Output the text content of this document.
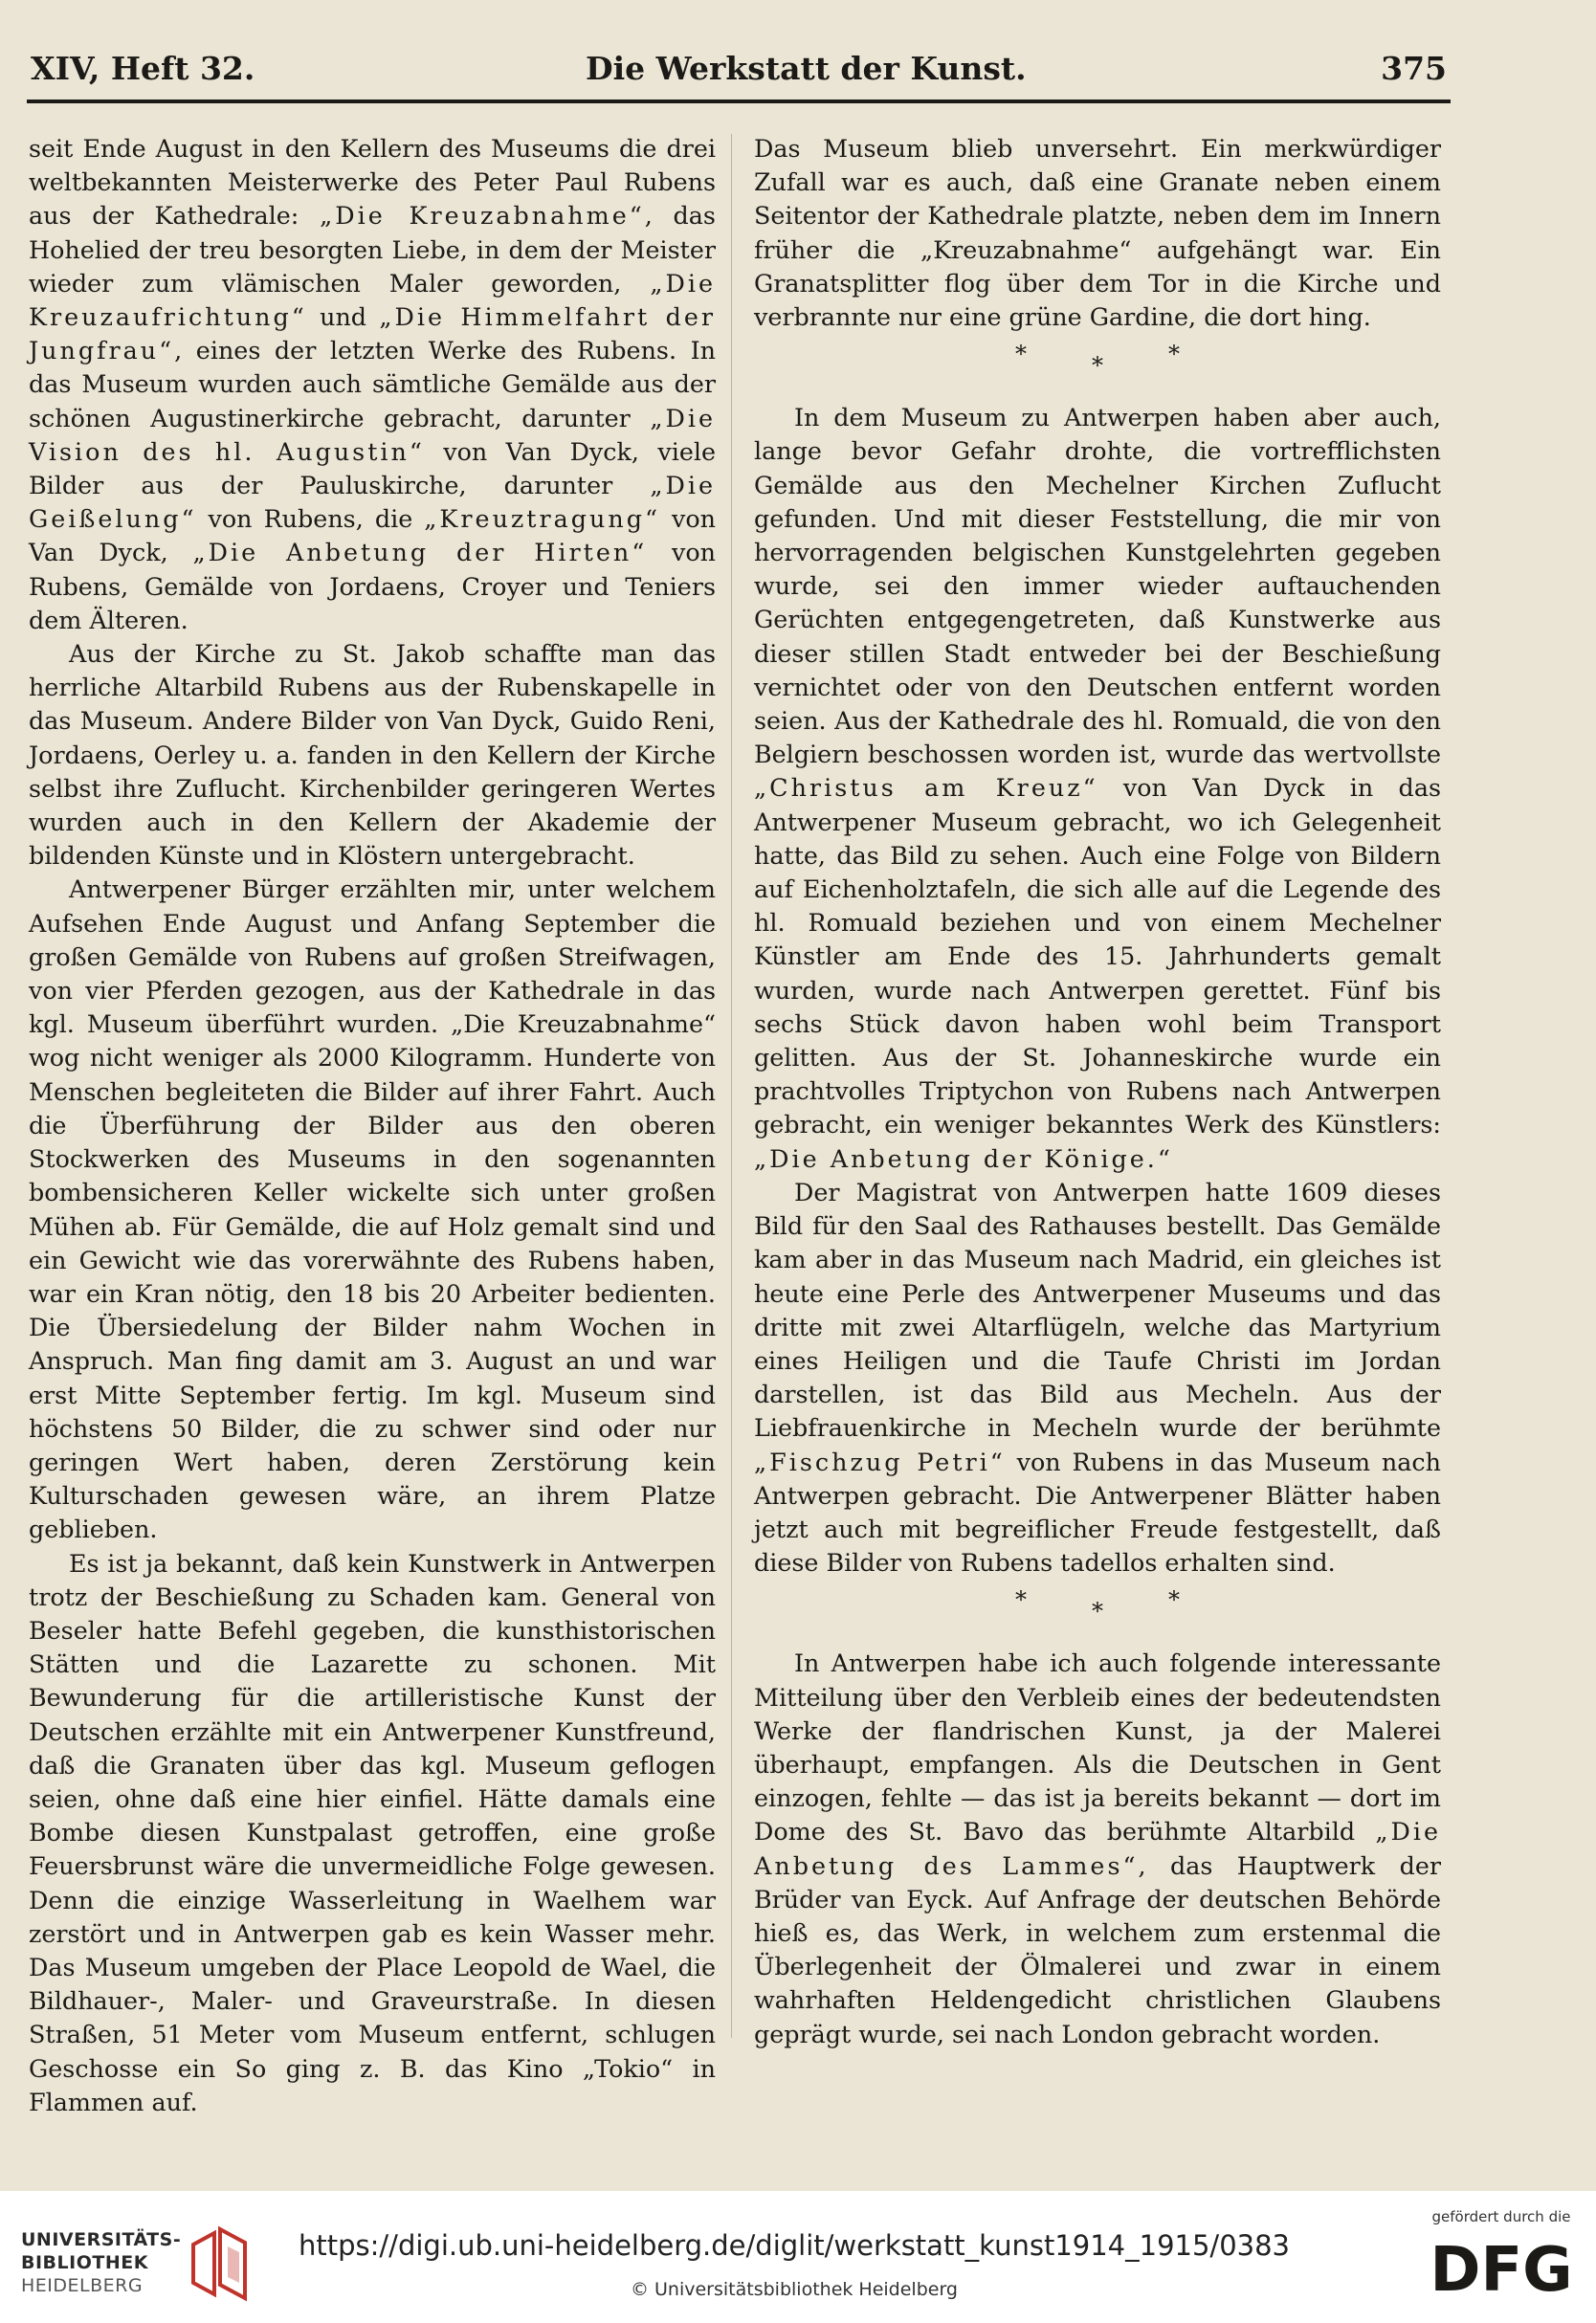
XIV, Heft 32.	Die Werkstatt der Kunst.	375

seit Ende August in den Kellern des Museums die drei weltbekannten Meisterwerke des Peter Paul Rubens aus der Kathedrale: „Die Kreuzabnahme“, das Hohelied der treu besorgten Liebe, in dem der Meister wieder zum vlämischen Maler geworden, „Die Kreuzaufrichtung“ und „Die Himmelfahrt der Jungfrau“, eines der letzten Werke des Rubens. In das Museum wurden auch sämtliche Gemälde aus der schönen Augustinerkirche gebracht, darunter „Die Vision des hl. Augustin“ von Van Dyck, viele Bilder aus der Pauluskirche, darunter „Die Geißelung“ von Rubens, die „Kreuztragung“ von Van Dyck, „Die Anbetung der Hirten“ von Rubens, Gemälde von Jordaens, Croyer und Teniers dem Älteren.

Aus der Kirche zu St. Jakob schaffte man das herrliche Altarbild Rubens aus der Rubenskapelle in das Museum. Andere Bilder von Van Dyck, Guido Reni, Jordaens, Oerley u. a. fanden in den Kellern der Kirche selbst ihre Zuflucht. Kirchenbilder geringeren Wertes wurden auch in den Kellern der Akademie der bildenden Künste und in Klöstern untergebracht.

Antwerpener Bürger erzählten mir, unter welchem Aufsehen Ende August und Anfang September die großen Gemälde von Rubens auf großen Streifwagen, von vier Pferden gezogen, aus der Kathedrale in das kgl. Museum überführt wurden. „Die Kreuzabnahme“ wog nicht weniger als 2000 Kilogramm. Hunderte von Menschen begleiteten die Bilder auf ihrer Fahrt. Auch die Überführung der Bilder aus den oberen Stockwerken des Museums in den sogenannten bombensicheren Keller wickelte sich unter großen Mühen ab. Für Gemälde, die auf Holz gemalt sind und ein Gewicht wie das vorerwähnte des Rubens haben, war ein Kran nötig, den 18 bis 20 Arbeiter bedienten. Die Übersiedelung der Bilder nahm Wochen in Anspruch. Man fing damit am 3. August an und war erst Mitte September fertig. Im kgl. Museum sind höchstens 50 Bilder, die zu schwer sind oder nur geringen Wert haben, deren Zerstörung kein Kulturschaden gewesen wäre, an ihrem Platze geblieben.

Es ist ja bekannt, daß kein Kunstwerk in Antwerpen trotz der Beschießung zu Schaden kam. General von Beseler hatte Befehl gegeben, die kunsthistorischen Stätten und die Lazarette zu schonen. Mit Bewunderung für die artilleristische Kunst der Deutschen erzählte mit ein Antwerpener Kunstfreund, daß die Granaten über das kgl. Museum geflogen seien, ohne daß eine hier einfiel. Hätte damals eine Bombe diesen Kunstpalast getroffen, eine große Feuersbrunst wäre die unvermeidliche Folge gewesen. Denn die einzige Wasserleitung in Waelhem war zerstört und in Antwerpen gab es kein Wasser mehr. Das Museum umgeben der Place Leopold de Wael, die Bildhauer-, Maler- und Graveurstraße. In diesen Straßen, 51 Meter vom Museum entfernt, schlugen Geschosse ein So ging z. B. das Kino „Tokio“ in Flammen auf.

Das Museum blieb unversehrt. Ein merkwürdiger Zufall war es auch, daß eine Granate neben einem Seitentor der Kathedrale platzte, neben dem im Innern früher die „Kreuzabnahme“ aufgehängt war. Ein Granatsplitter flog über dem Tor in die Kirche und verbrannte nur eine grüne Gardine, die dort hing.

*	*	*

In dem Museum zu Antwerpen haben aber auch, lange bevor Gefahr drohte, die vortrefflichsten Gemälde aus den Mechelner Kirchen Zuflucht gefunden. Und mit dieser Feststellung, die mir von hervorragenden belgischen Kunstgelehrten gegeben wurde, sei den immer wieder auftauchenden Gerüchten entgegengetreten, daß Kunstwerke aus dieser stillen Stadt entweder bei der Beschießung vernichtet oder von den Deutschen entfernt worden seien. Aus der Kathedrale des hl. Romuald, die von den Belgiern beschossen worden ist, wurde das wertvollste „Christus am Kreuz“ von Van Dyck in das Antwerpener Museum gebracht, wo ich Gelegenheit hatte, das Bild zu sehen. Auch eine Folge von Bildern auf Eichenholztafeln, die sich alle auf die Legende des hl. Romuald beziehen und von einem Mechelner Künstler am Ende des 15. Jahrhunderts gemalt wurden, wurde nach Antwerpen gerettet. Fünf bis sechs Stück davon haben wohl beim Transport gelitten. Aus der St. Johanneskirche wurde ein prachtvolles Triptychon von Rubens nach Antwerpen gebracht, ein weniger bekanntes Werk des Künstlers: „Die Anbetung der Könige.“

Der Magistrat von Antwerpen hatte 1609 dieses Bild für den Saal des Rathauses bestellt. Das Gemälde kam aber in das Museum nach Madrid, ein gleiches ist heute eine Perle des Antwerpener Museums und das dritte mit zwei Altarflügeln, welche das Martyrium eines Heiligen und die Taufe Christi im Jordan darstellen, ist das Bild aus Mecheln. Aus der Liebfrauenkirche in Mecheln wurde der berühmte „Fischzug Petri“ von Rubens in das Museum nach Antwerpen gebracht. Die Antwerpener Blätter haben jetzt auch mit begreiflicher Freude festgestellt, daß diese Bilder von Rubens tadellos erhalten sind.

*	*	*

In Antwerpen habe ich auch folgende interessante Mitteilung über den Verbleib eines der bedeutendsten Werke der flandrischen Kunst, ja der Malerei überhaupt, empfangen. Als die Deutschen in Gent einzogen, fehlte — das ist ja bereits bekannt — dort im Dome des St. Bavo das berühmte Altarbild „Die Anbetung des Lammes“, das Hauptwerk der Brüder van Eyck. Auf Anfrage der deutschen Behörde hieß es, das Werk, in welchem zum erstenmal die Überlegenheit der Ölmalerei und zwar in einem wahrhaften Heldengedicht christlichen Glaubens geprägt wurde, sei nach London gebracht worden.

UNIVERSITÄTS-
BIBLIOTHEK
HEIDELBERG
https://digi.ub.uni-heidelberg.de/diglit/werkstatt_kunst1914_1915/0383
© Universitätsbibliothek Heidelberg
gefördert durch die
DFG
